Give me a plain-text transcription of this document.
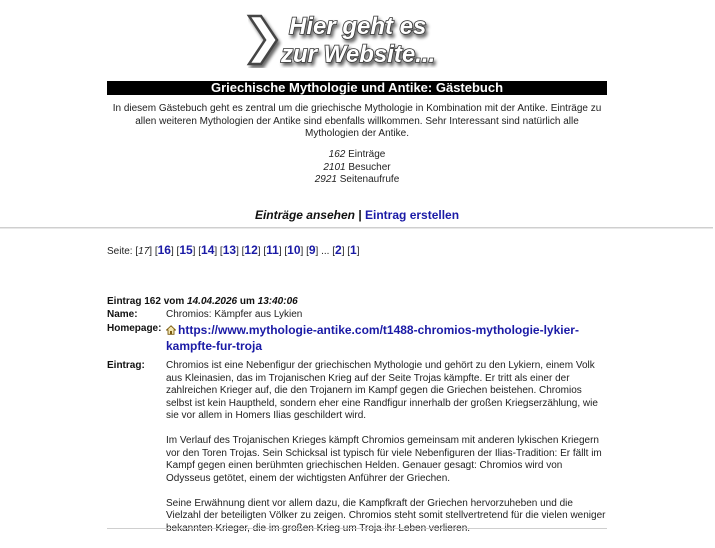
Hier geht es
zur Website...
Griechische Mythologie und Antike: Gästebuch
In diesem Gästebuch geht es zentral um die griechische Mythologie in Kombination mit der Antike. Einträge zu allen weiteren Mythologien der Antike sind ebenfalls willkommen. Sehr Interessant sind natürlich alle Mythologien der Antike.
162 Einträge
2101 Besucher
2921 Seitenaufrufe
Einträge ansehen | Eintrag erstellen
Seite: [17] [16] [15] [14] [13] [12] [11] [10] [9] ... [2] [1]
Eintrag 162 vom 14.04.2026 um 13:40:06
Name:	Chromios: Kämpfer aus Lykien
Homepage:	https://www.mythologie-antike.com/t1488-chromios-mythologie-lykier-kampfte-fur-troja
Eintrag:	Chromios ist eine Nebenfigur der griechischen Mythologie und gehört zu den Lykiern, einem Volk aus Kleinasien, das im Trojanischen Krieg auf der Seite Trojas kämpfte. Er tritt als einer der zahlreichen Krieger auf, die den Trojanern im Kampf gegen die Griechen beistehen. Chromios selbst ist kein Hauptheld, sondern eher eine Randfigur innerhalb der großen Kriegserzählung, wie sie vor allem in Homers Ilias geschildert wird.

Im Verlauf des Trojanischen Krieges kämpft Chromios gemeinsam mit anderen lykischen Kriegern vor den Toren Trojas. Sein Schicksal ist typisch für viele Nebenfiguren der Ilias-Tradition: Er fällt im Kampf gegen einen berühmten griechischen Helden. Genauer gesagt: Chromios wird von Odysseus getötet, einem der wichtigsten Anführer der Griechen.

Seine Erwähnung dient vor allem dazu, die Kampfkraft der Griechen hervorzuheben und die Vielzahl der beteiligten Völker zu zeigen. Chromios steht somit stellvertretend für die vielen weniger bekannten Krieger, die im großen Krieg um Troja ihr Leben verlieren.
